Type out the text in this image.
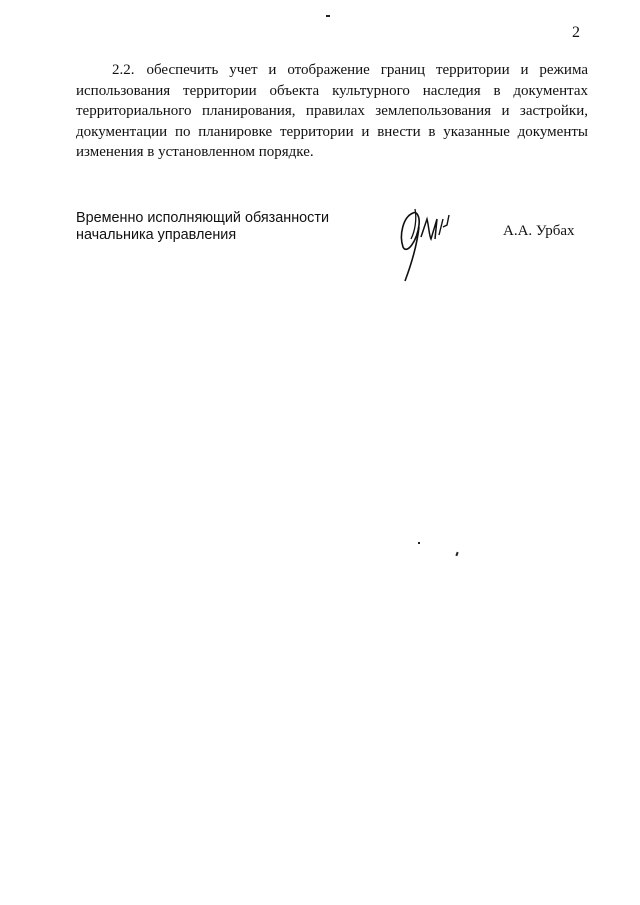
2
2.2. обеспечить учет и отображение границ территории и режима
использования территории объекта культурного наследия в документах
территориального планирования, правилах землепользования и застройки,
документации по планировке территории и внести в указанные документы
изменения в установленном порядке.
Временно исполняющий обязанности
начальника управления	А.А. Урбах
